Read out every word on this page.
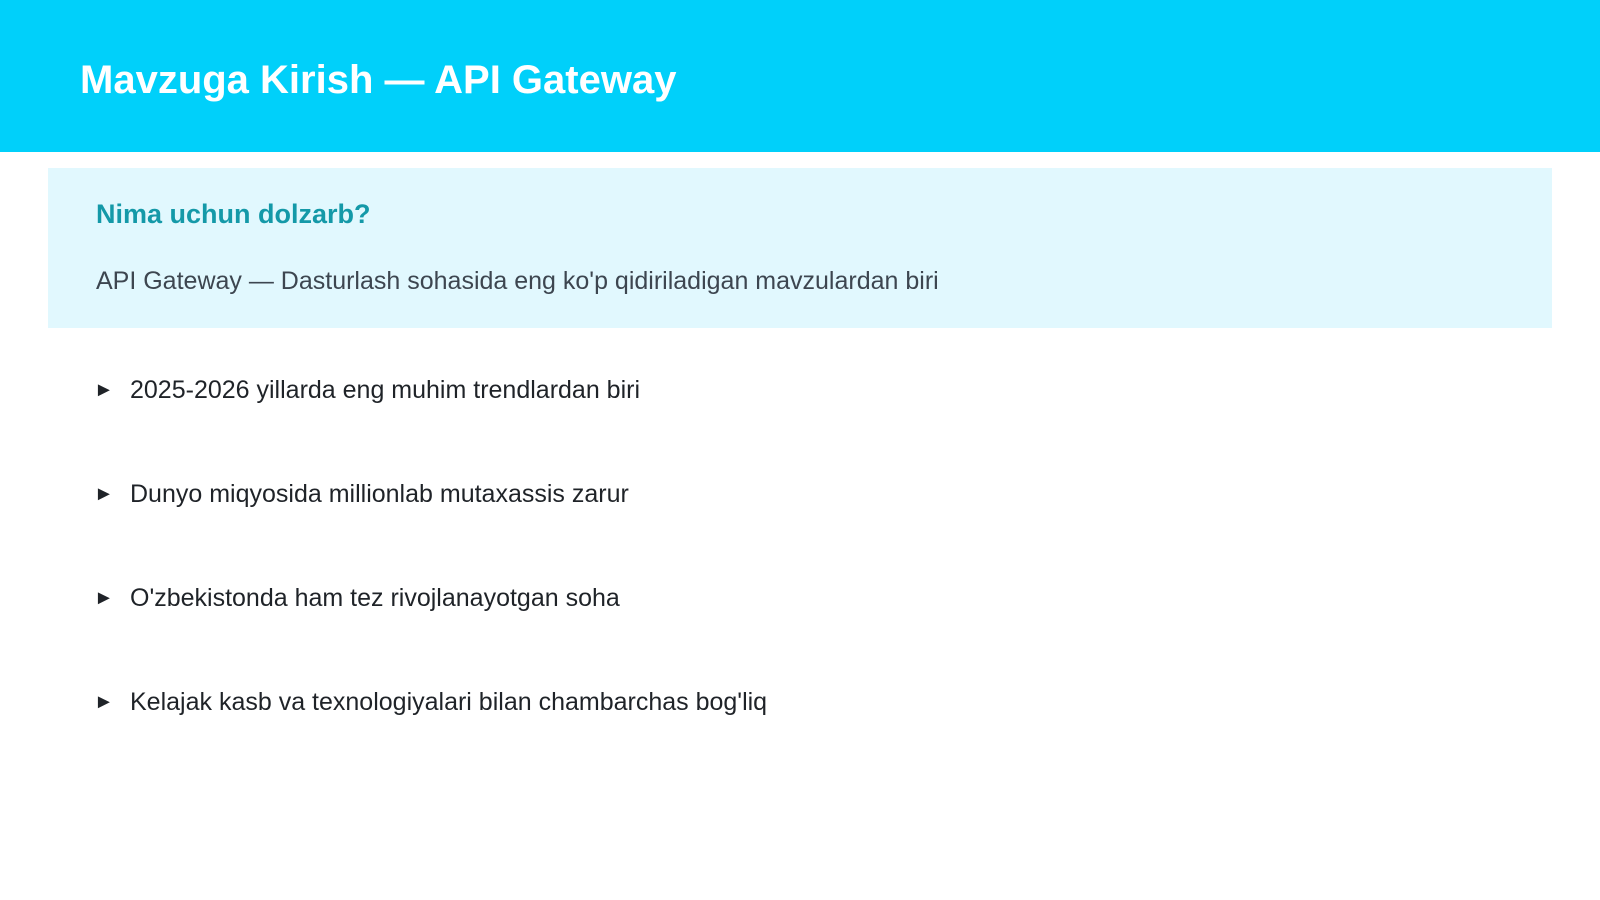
Mavzuga Kirish — API Gateway
Nima uchun dolzarb?

API Gateway — Dasturlash sohasida eng ko'p qidiriladigan mavzulardan biri

► 2025-2026 yillarda eng muhim trendlardan biri
► Dunyo miqyosida millionlab mutaxassis zarur
► O'zbekistonda ham tez rivojlanayotgan soha
► Kelajak kasb va texnologiyalari bilan chambarchas bog'liq
